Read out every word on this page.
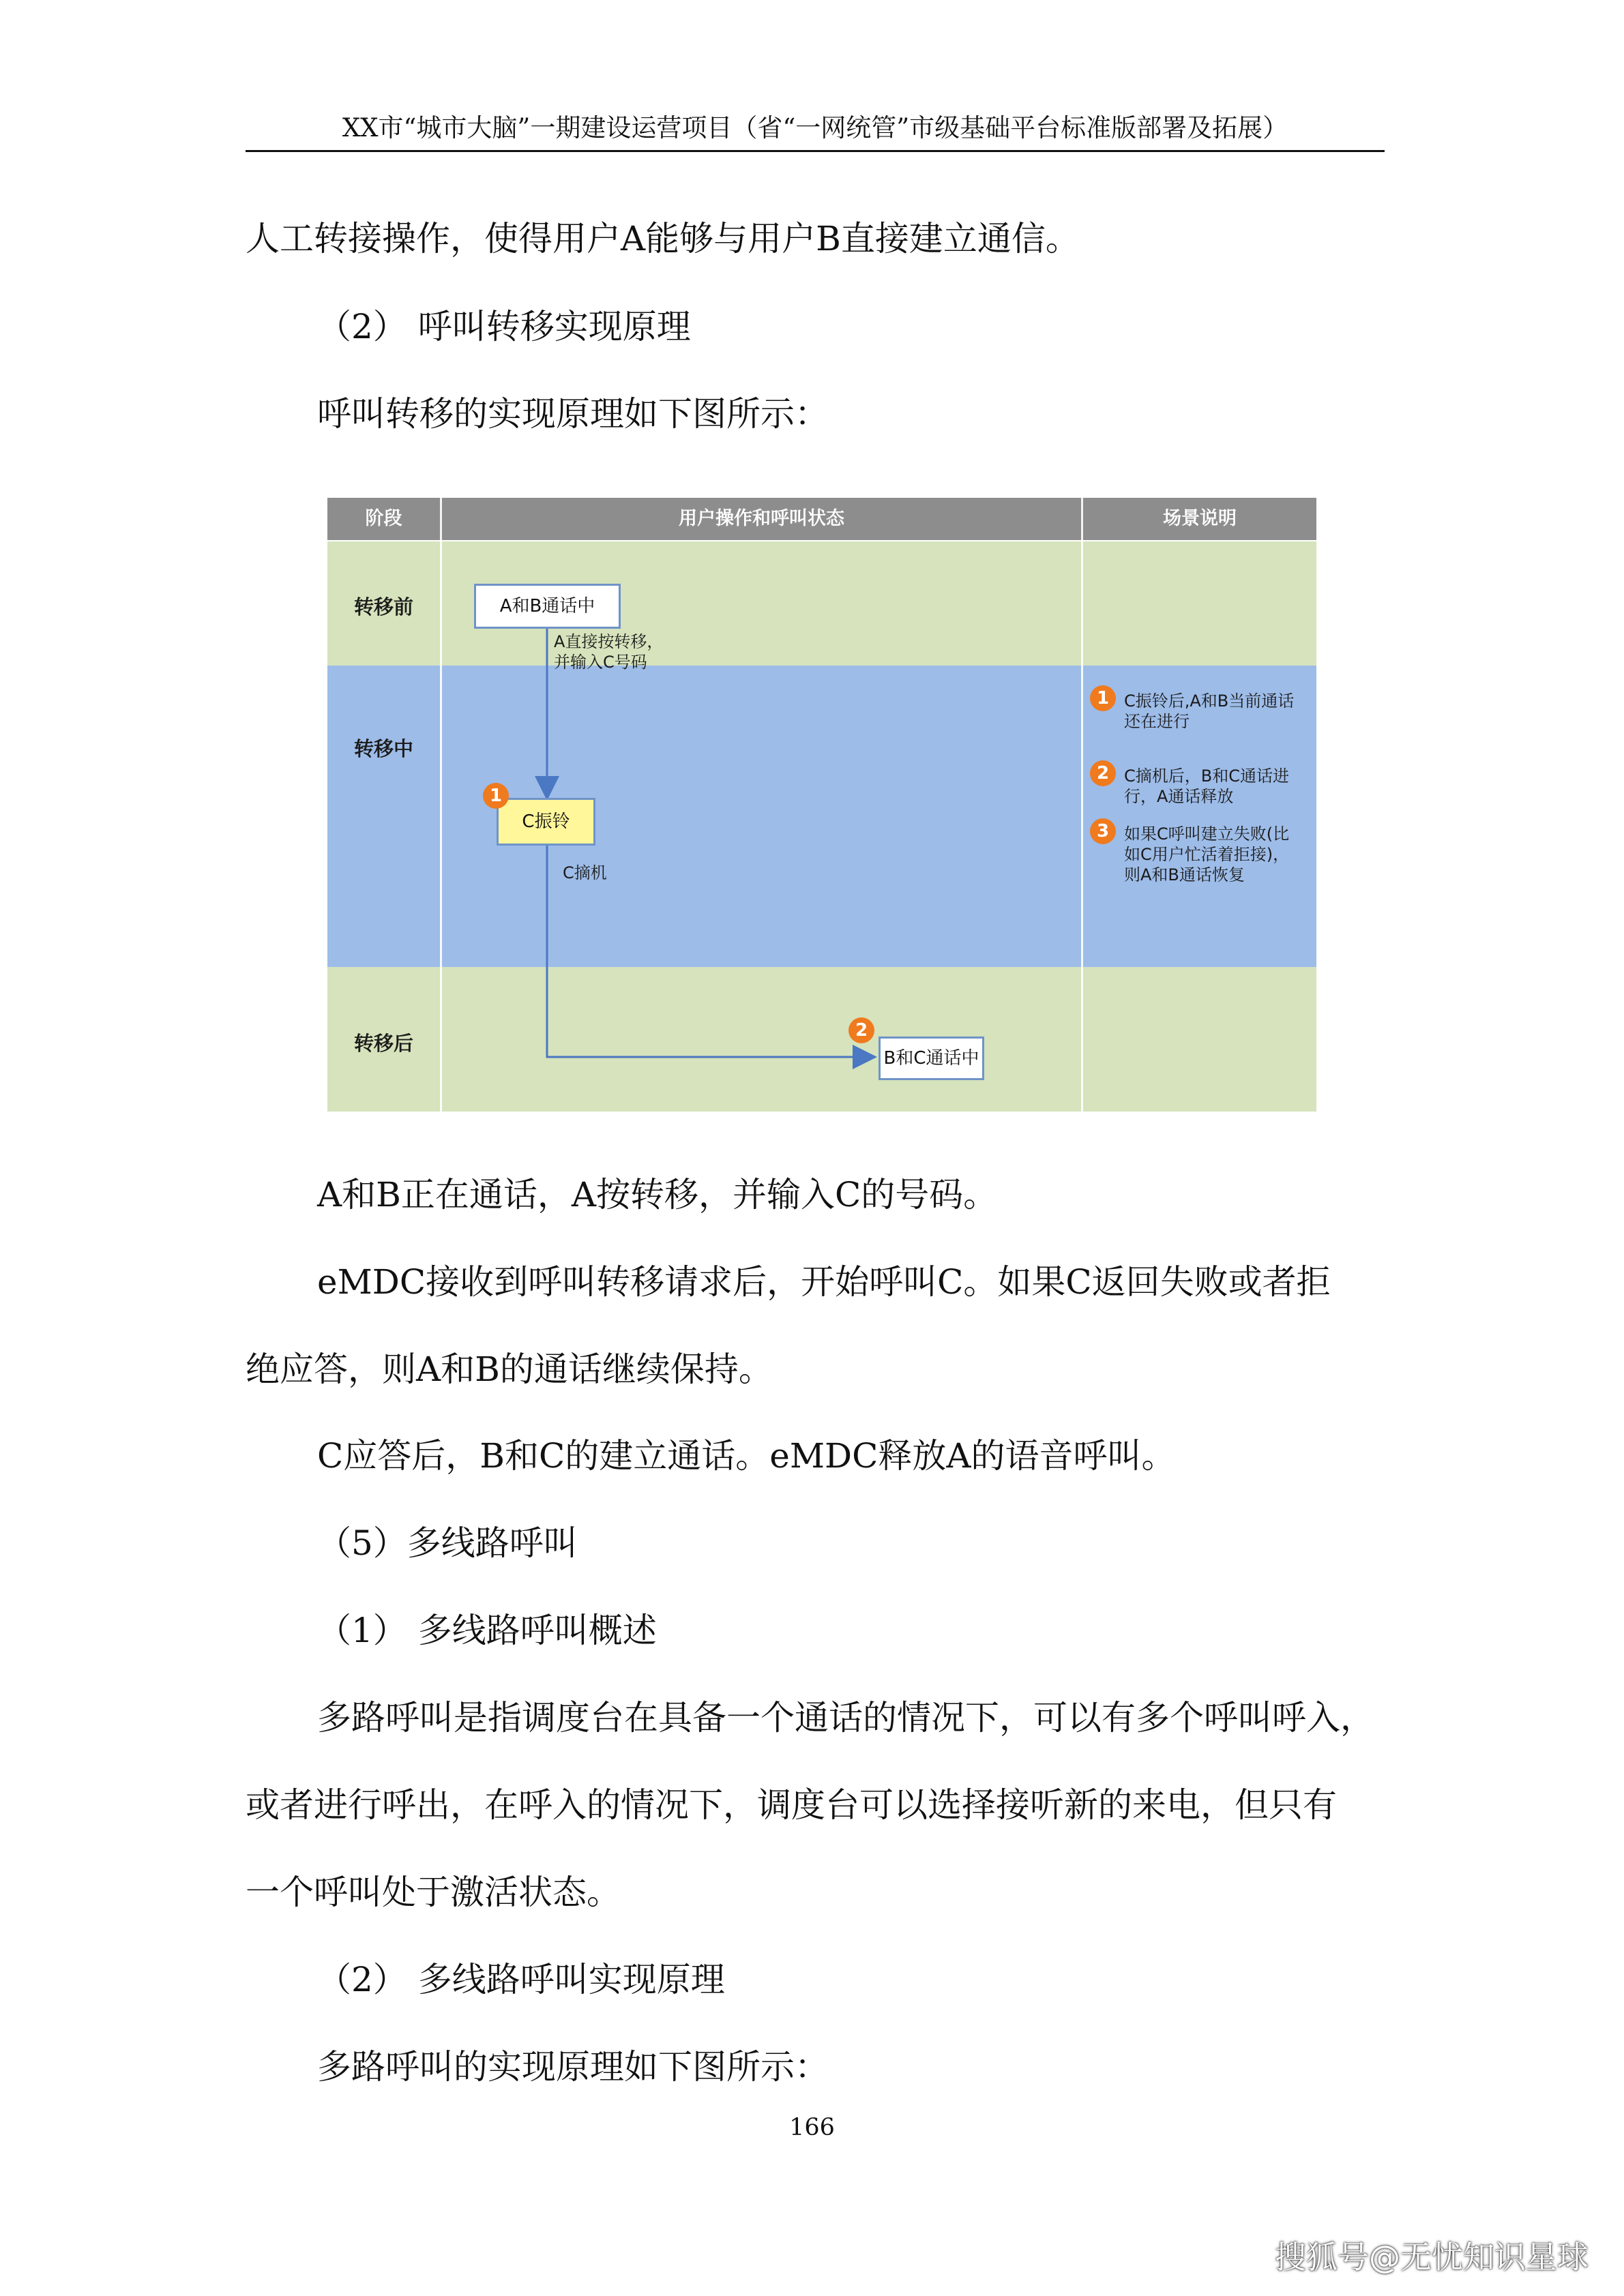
XX市“城市大脑”一期建设运营项目（省“一网统管”市级基础平台标准版部署及拓展）
人工转接操作，使得用户A能够与用户B直接建立通信。
（2） 呼叫转移实现原理
呼叫转移的实现原理如下图所示：
阶段	用户操作和呼叫状态	场景说明
转移前
转移中
转移后
A和B通话中
A直接按转移，
并输入C号码
C振铃
1
C摘机
B和C通话中
2
1 C振铃后,A和B当前通话
还在进行
2 C摘机后，B和C通话进
行，A通话释放
3 如果C呼叫建立失败(比
如C用户忙活着拒接)，
则A和B通话恢复
A和B正在通话，A按转移，并输入C的号码。
eMDC接收到呼叫转移请求后，开始呼叫C。如果C返回失败或者拒
绝应答，则A和B的通话继续保持。
C应答后，B和C的建立通话。eMDC释放A的语音呼叫。
（5）多线路呼叫
（1） 多线路呼叫概述
多路呼叫是指调度台在具备一个通话的情况下，可以有多个呼叫呼入，
或者进行呼出，在呼入的情况下，调度台可以选择接听新的来电，但只有
一个呼叫处于激活状态。
（2） 多线路呼叫实现原理
多路呼叫的实现原理如下图所示：
166
搜狐号@无忧知识星球
